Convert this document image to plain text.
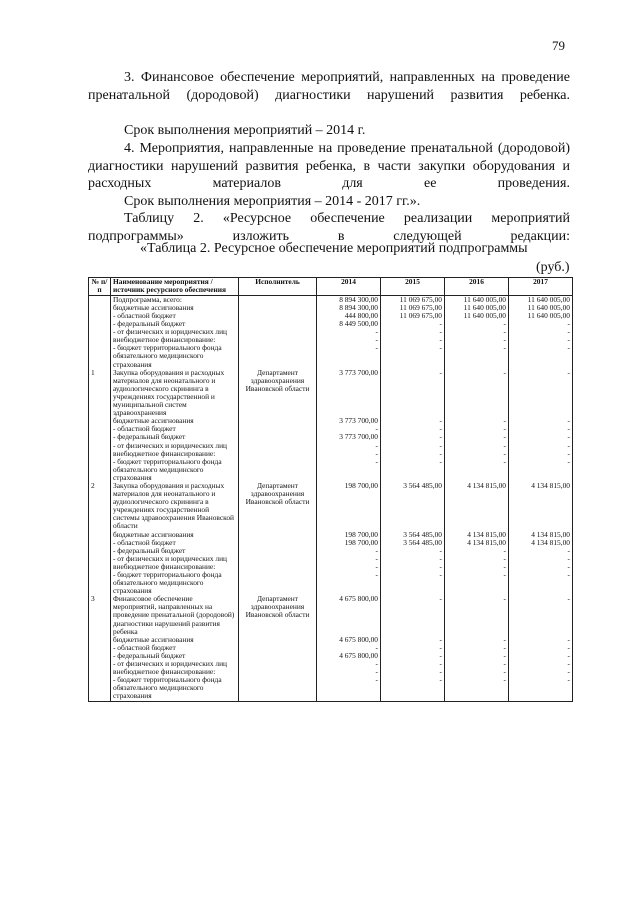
79

3. Финансовое обеспечение мероприятий, направленных на проведение пренатальной (дородовой) диагностики нарушений развития ребенка.

Срок выполнения мероприятий – 2014 г.

4. Мероприятия, направленные на проведение пренатальной (дородовой) диагностики нарушений развития ребенка, в части закупки оборудования и расходных материалов для ее проведения.

Срок выполнения мероприятия – 2014 - 2017 гг.».

Таблицу 2. «Ресурсное обеспечение реализации мероприятий подпрограммы» изложить в следующей редакции:

«Таблица 2. Ресурсное обеспечение мероприятий подпрограммы
(руб.)
№ п/п	Наименование мероприятия / источник ресурсного обеспечения	Исполнитель	2014	2015	2016	2017
	Подпрограмма, всего:		8 894 300,00	11 069 675,00	11 640 005,00	11 640 005,00
	бюджетные ассигнования		8 894 300,00	11 069 675,00	11 640 005,00	11 640 005,00
	- областной бюджет		444 800,00	11 069 675,00	11 640 005,00	11 640 005,00
	- федеральный бюджет		8 449 500,00	-	-	-
	- от физических и юридических лиц		-	-	-	-
	внебюджетное финансирование:		-	-	-	-
	- бюджет территориального фонда обязательного медицинского страхования		-	-	-	-
1	Закупка оборудования и расходных материалов для неонатального и аудиологического скрининга в учреждениях государственной и муниципальной систем здравоохранения	Департамент здравоохранения Ивановской области	3 773 700,00	-	-	-
	бюджетные ассигнования		3 773 700,00	-	-	-
	- областной бюджет		-	-	-	-
	- федеральный бюджет		3 773 700,00	-	-	-
	- от физических и юридических лиц		-	-	-	-
	внебюджетное финансирование:		-	-	-	-
	- бюджет территориального фонда обязательного медицинского страхования		-	-	-	-
2	Закупка оборудования и расходных материалов для неонатального и аудиологического скрининга в учреждениях государственной системы здравоохранения Ивановской области	Департамент здравоохранения Ивановской области	198 700,00	3 564 485,00	4 134 815,00	4 134 815,00
	бюджетные ассигнования		198 700,00	3 564 485,00	4 134 815,00	4 134 815,00
	- областной бюджет		198 700,00	3 564 485,00	4 134 815,00	4 134 815,00
	- федеральный бюджет		-	-	-	-
	- от физических и юридических лиц		-	-	-	-
	внебюджетное финансирование:		-	-	-	-
	- бюджет территориального фонда обязательного медицинского страхования		-	-	-	-
3	Финансовое обеспечение мероприятий, направленных на проведение пренатальной (дородовой) диагностики нарушений развития ребенка	Департамент здравоохранения Ивановской области	4 675 800,00	-	-	-
	бюджетные ассигнования		4 675 800,00	-	-	-
	- областной бюджет		-	-	-	-
	- федеральный бюджет		4 675 800,00	-	-	-
	- от физических и юридических лиц		-	-	-	-
	внебюджетное финансирование:		-	-	-	-
	- бюджет территориального фонда обязательного медицинского страхования		-	-	-	-
